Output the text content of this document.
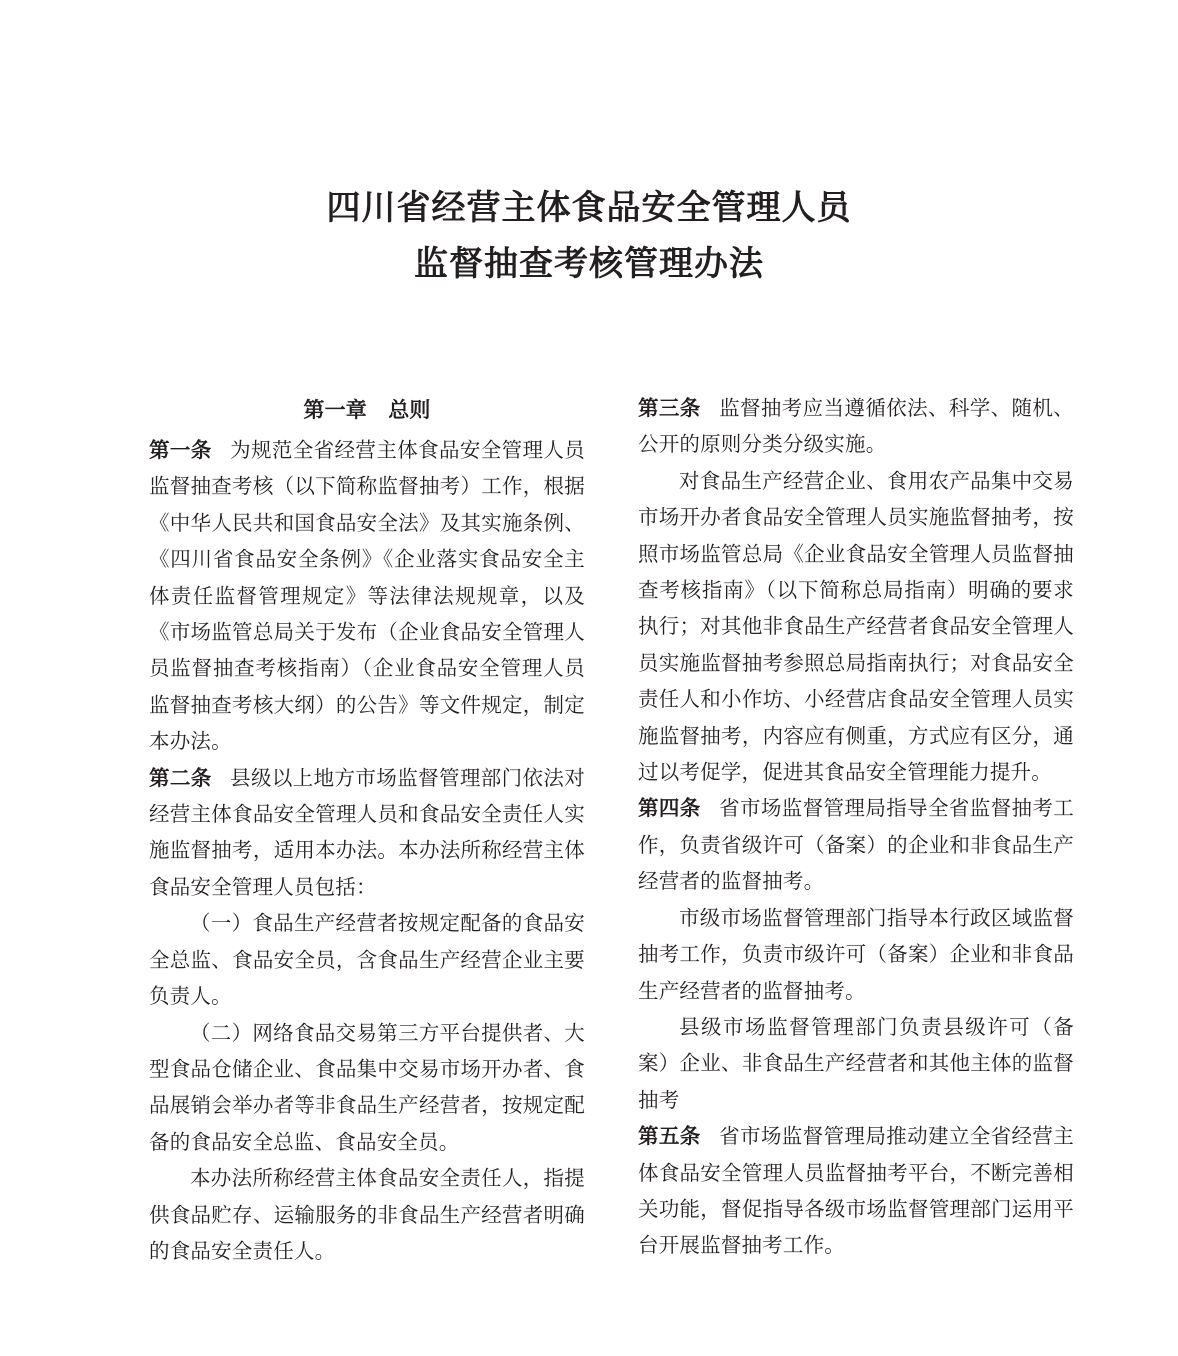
四川省经营主体食品安全管理人员
监督抽查考核管理办法
第一章　总则

第一条 为规范全省经营主体食品安全管理人员监督抽查考核（以下简称监督抽考）工作，根据《中华人民共和国食品安全法》及其实施条例、《四川省食品安全条例》《企业落实食品安全主体责任监督管理规定》等法律法规规章，以及《市场监管总局关于发布（企业食品安全管理人员监督抽查考核指南）（企业食品安全管理人员监督抽查考核大纲）的公告》等文件规定，制定本办法。

第二条 县级以上地方市场监督管理部门依法对经营主体食品安全管理人员和食品安全责任人实施监督抽考，适用本办法。本办法所称经营主体食品安全管理人员包括：

（一）食品生产经营者按规定配备的食品安全总监、食品安全员，含食品生产经营企业主要负责人。

（二）网络食品交易第三方平台提供者、大型食品仓储企业、食品集中交易市场开办者、食品展销会举办者等非食品生产经营者，按规定配备的食品安全总监、食品安全员。

本办法所称经营主体食品安全责任人，指提供食品贮存、运输服务的非食品生产经营者明确的食品安全责任人。

第三条 监督抽考应当遵循依法、科学、随机、公开的原则分类分级实施。

对食品生产经营企业、食用农产品集中交易市场开办者食品安全管理人员实施监督抽考，按照市场监管总局《企业食品安全管理人员监督抽查考核指南》（以下简称总局指南）明确的要求执行；对其他非食品生产经营者食品安全管理人员实施监督抽考参照总局指南执行；对食品安全责任人和小作坊、小经营店食品安全管理人员实施监督抽考，内容应有侧重，方式应有区分，通过以考促学，促进其食品安全管理能力提升。

第四条 省市场监督管理局指导全省监督抽考工作，负责省级许可（备案）的企业和非食品生产经营者的监督抽考。

市级市场监督管理部门指导本行政区域监督抽考工作，负责市级许可（备案）企业和非食品生产经营者的监督抽考。

县级市场监督管理部门负责县级许可（备案）企业、非食品生产经营者和其他主体的监督抽考

第五条 省市场监督管理局推动建立全省经营主体食品安全管理人员监督抽考平台，不断完善相关功能，督促指导各级市场监督管理部门运用平台开展监督抽考工作。
